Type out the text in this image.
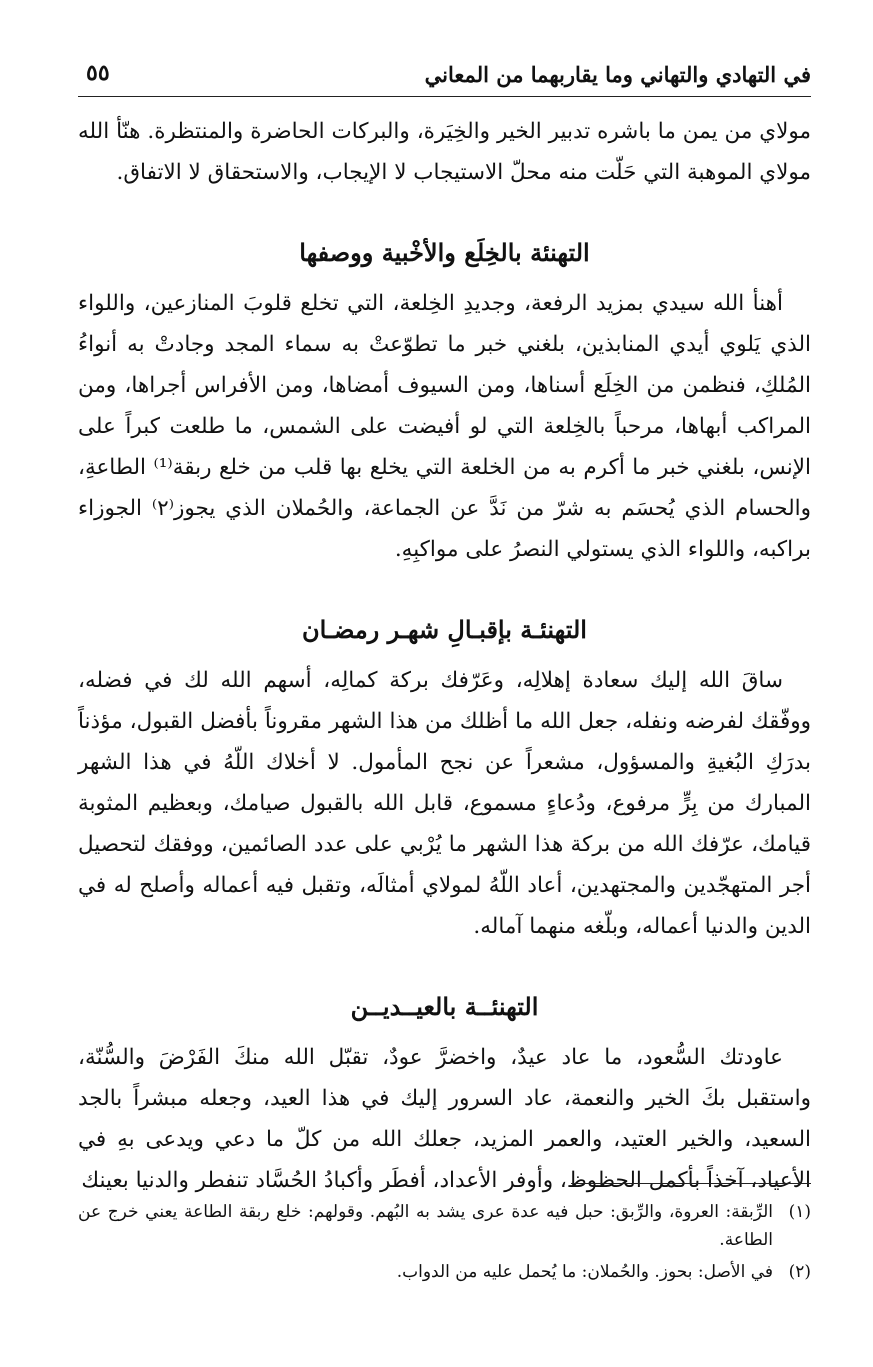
في التهادي والتهاني وما يقاربهما من المعاني
٥٥

مولاي من يمن ما باشره تدبير الخير والخِيَرة، والبركات الحاضرة والمنتظرة. هنّأ الله مولاي الموهبة التي حَلّت منه محلّ الاستيجاب لا الإيجاب، والاستحقاق لا الاتفاق.

التهنئة بالخِلَع والأخْبية ووصفها

أهنأ الله سيدي بمزيد الرفعة، وجديدِ الخِلعة، التي تخلع قلوبَ المنازعين، واللواء الذي يَلوي أيدي المنابذين، بلغني خبر ما تطوّعتْ به سماء المجد وجادتْ به أنواءُ المُلكِ، فنظمن من الخِلَع أسناها، ومن السيوف أمضاها، ومن الأفراس أجراها، ومن المراكب أبهاها، مرحباً بالخِلعة التي لو أفيضت على الشمس، ما طلعت كبراً على الإنس، بلغني خبر ما أكرم به من الخلعة التي يخلع بها قلب من خلع ربقة⁽¹⁾ الطاعةِ، والحسام الذي يُحسَم به شرّ من نَدَّ عن الجماعة، والحُملان الذي يجوز⁽٢⁾ الجوزاء براكبه، واللواء الذي يستولي النصرُ على مواكبِهِ.

التهنئـة بإقبـالِ شهـر رمضـان

ساقَ الله إليك سعادة إهلالِه، وعَرّفك بركة كمالِه، أسهم الله لك في فضله، ووفّقك لفرضه ونفله، جعل الله ما أظلك من هذا الشهر مقروناً بأفضل القبول، مؤذناً بدرَكِ البُغيةِ والمسؤول، مشعراً عن نجح المأمول. لا أخلاك اللّهُ في هذا الشهر المبارك من بِرٍّ مرفوع، ودُعاءٍ مسموع، قابل الله بالقبول صيامك، وبعظيم المثوبة قيامك، عرّفك الله من بركة هذا الشهر ما يُرْبي على عدد الصائمين، ووفقك لتحصيل أجر المتهجّدين والمجتهدين، أعاد اللّهُ لمولاي أمثالَه، وتقبل فيه أعماله وأصلح له في الدين والدنيا أعماله، وبلّغه منهما آماله.

التهنئــة بالعيــديــن

عاودتك السُّعود، ما عاد عيدٌ، واخضرَّ عودٌ، تقبّل الله منكَ الفَرْضَ والسُّنّة، واستقبل بكَ الخير والنعمة، عاد السرور إليك في هذا العيد، وجعله مبشراً بالجد السعيد، والخير العتيد، والعمر المزيد، جعلك الله من كلّ ما دعي ويدعى بهِ في الأعياد، آخذاً بأكمل الحظوظ، وأوفر الأعداد، أفطَر وأكبادُ الحُسَّاد تنفطر والدنيا بعينك

(١)
الرِّبقة: العروة، والرِّبق: حبل فيه عدة عرى يشد به البُهم. وقولهم: خلع ربقة الطاعة يعني خرج عن الطاعة.

(٢)
في الأصل: بحوز. والحُملان: ما يُحمل عليه من الدواب.
